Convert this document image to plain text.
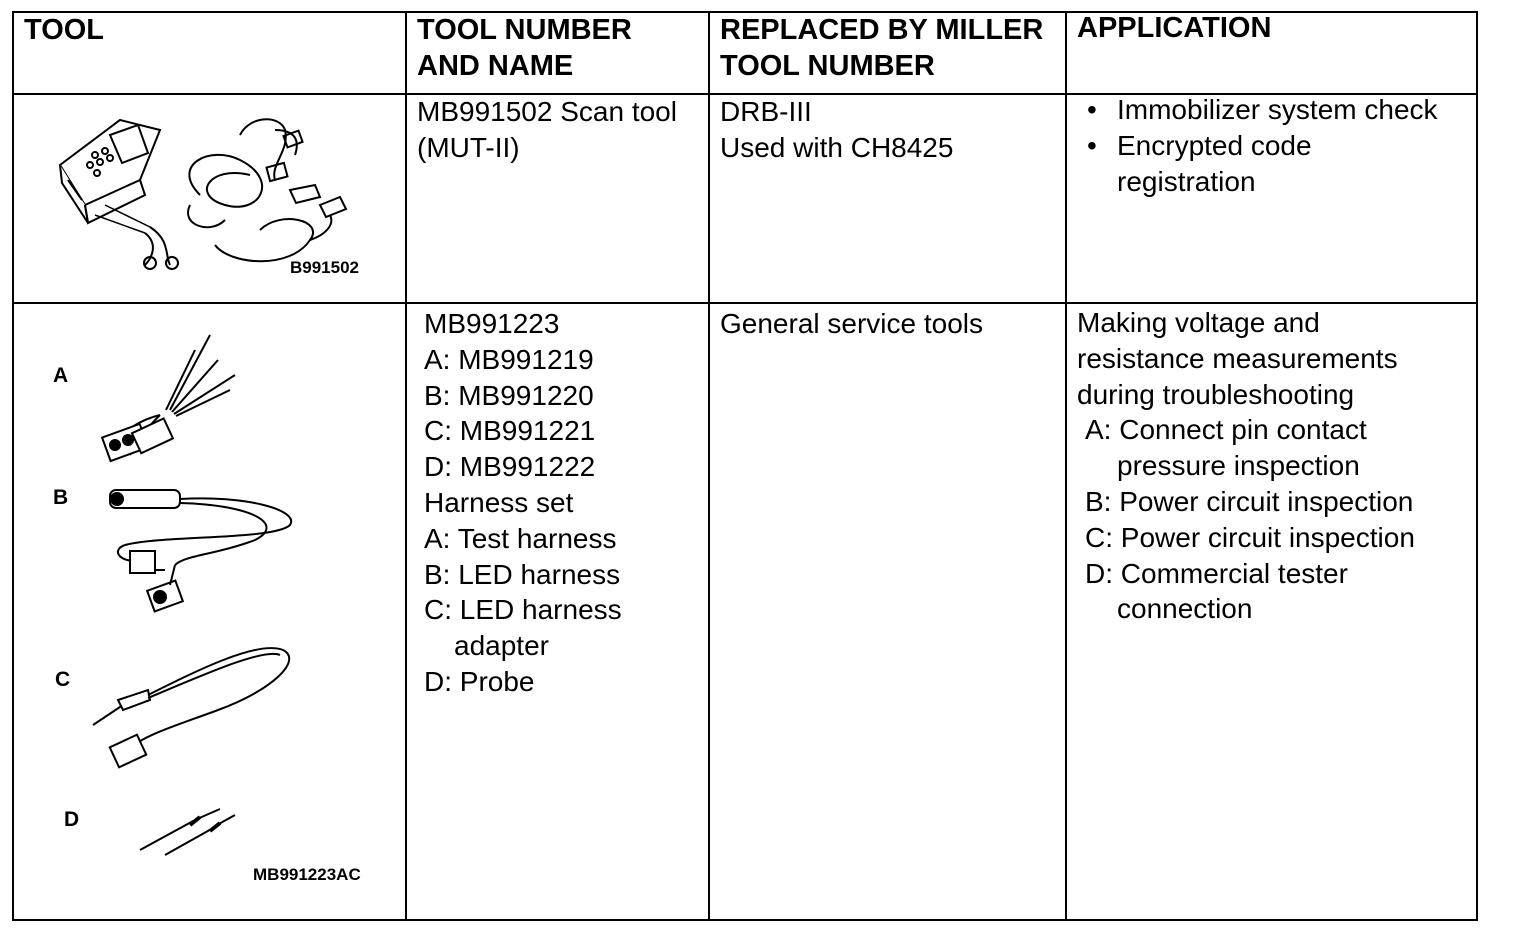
TOOL	TOOL NUMBER
AND NAME
REPLACED BY MILLER
TOOL NUMBER
APPLICATION
B991502
MB991502 Scan tool
(MUT-II)
DRB-III
Used with CH8425
• Immobilizer system check
• Encrypted code
registration
A
B
C
D
MB991223AC
MB991223
A: MB991219
B: MB991220
C: MB991221
D: MB991222
Harness set
A: Test harness
B: LED harness
C: LED harness
adapter
D: Probe
General service tools	Making voltage and
resistance measurements
during troubleshooting
A: Connect pin contact
pressure inspection
B: Power circuit inspection
C: Power circuit inspection
D: Commercial tester
connection
